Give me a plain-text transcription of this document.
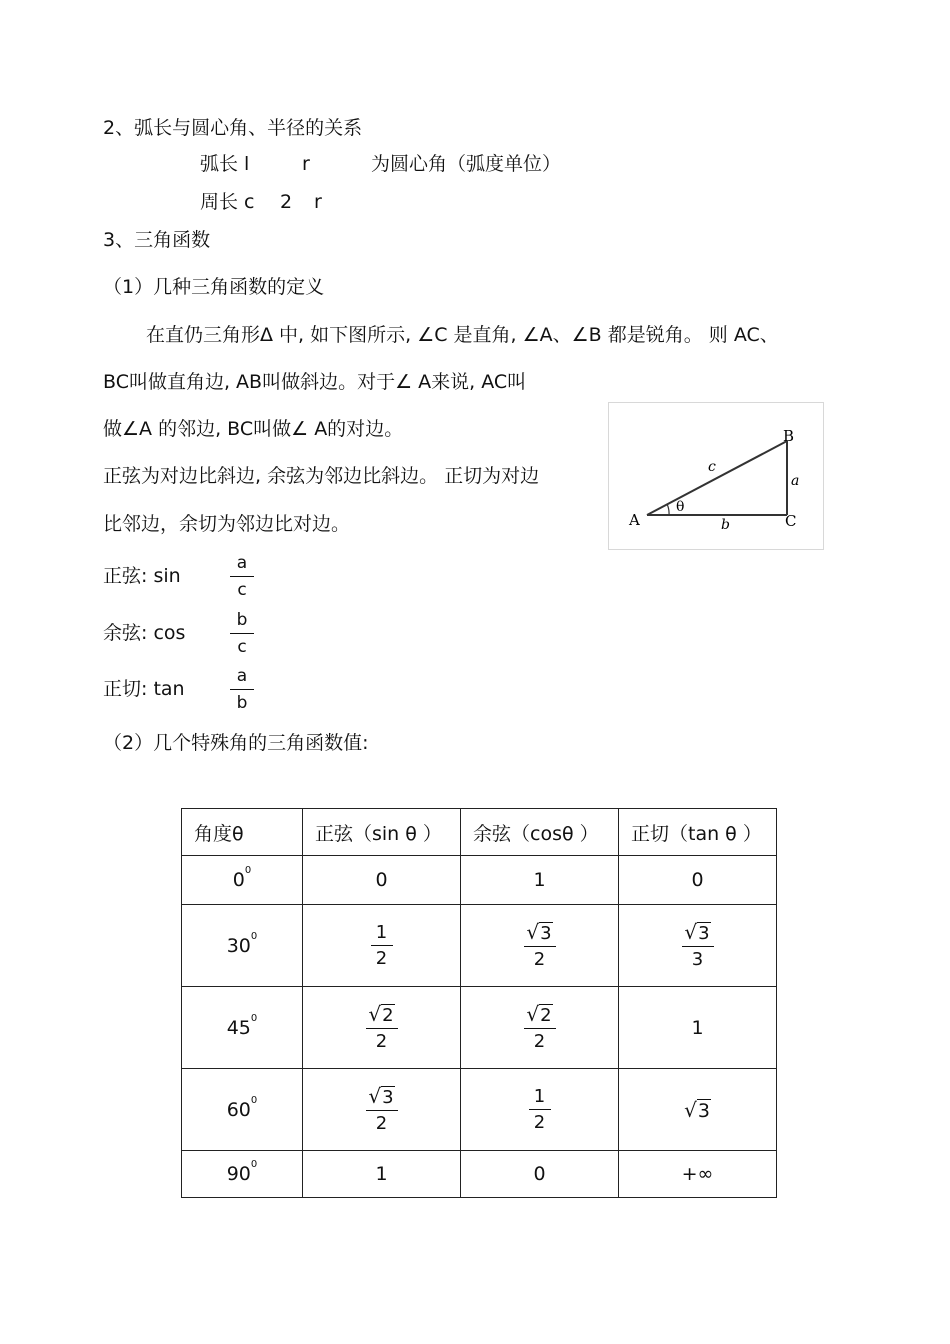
2、弧长与圆心角、半径的关系
弧长 l	r	为圆心角（弧度单位）
周长 c 2 r
3、三角函数
（1）几种三角函数的定义
在直仍三角形Δ 中, 如下图所示, ∠C 是直角, ∠A、∠B 都是锐角。 则 AC、
BC叫做直角边, AB叫做斜边。对于∠ A来说, AC叫
做∠A 的邻边, BC叫做∠ A的对边。
正弦为对边比斜边, 余弦为邻边比斜边。 正切为对边
比邻边，余切为邻边比对边。	A
B
C
c
a
b
θ
正弦: sin
a
c
余弦: cos
b
c
正切: tan
a
b
（2）几个特殊角的三角函数值:
角度θ	正弦（sin θ ）	余弦（cosθ ）	正切（tan θ ）
$0^0$	0	1	0
$30^0$	$\frac{1}{2}$	$\frac{√3}{2}$	$\frac{√3}{3}$

$45^0$	$\frac{√2}{2}$	$\frac{√2}{2}$	1
$60^0$	$\frac{√3}{2}$	$\frac{1}{2}$	√3
$90^0$	1	0	+∞
